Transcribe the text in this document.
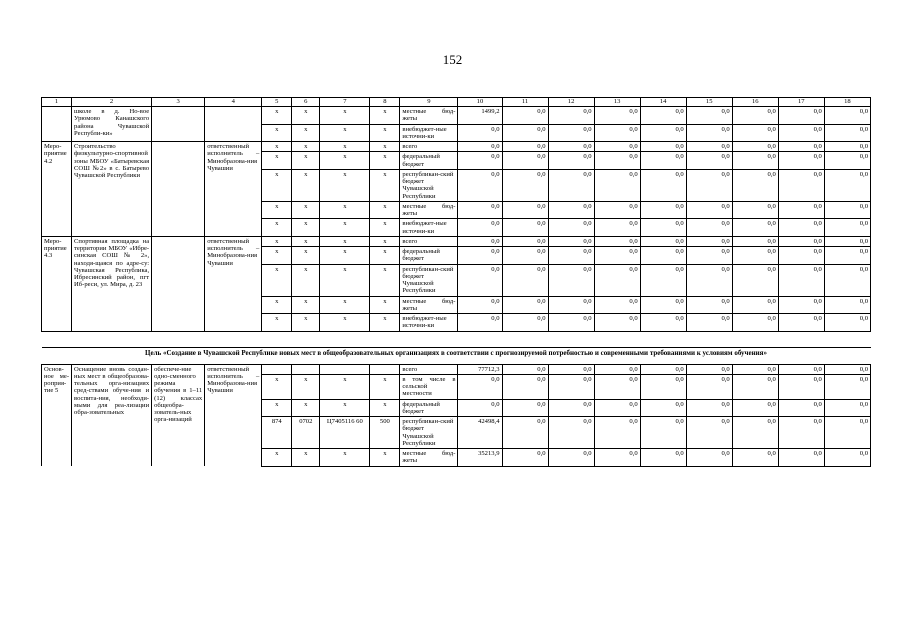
152
1	2	3	4	5	6	7	8	9	10	11	12	13	14	15	16	17	18
	школе в д. Но-вое Урюмово Канашского района Чувашской Республи-ки»			х	х	х	х	местные бюд-жеты	1499,2	0,0	0,0	0,0	0,0	0,0	0,0	0,0	0,0
				х	х	х	х	внебюджет-ные источни-ки	0,0	0,0	0,0	0,0	0,0	0,0	0,0	0,0	0,0
Меро-приятие 4.2	Строительство физкультурно-спортивной зоны МБОУ «Батыревская СОШ №2» в с. Батырево Чувашской Республики		ответственный исполнитель – Минобразова-ния Чувашии	х	х	х	х	всего	0,0	0,0	0,0	0,0	0,0	0,0	0,0	0,0	0,0
				х	х	х	х	федеральный бюджет	0,0	0,0	0,0	0,0	0,0	0,0	0,0	0,0	0,0
				х	х	х	х	республикан-ский бюджет Чувашской Республики	0,0	0,0	0,0	0,0	0,0	0,0	0,0	0,0	0,0
				х	х	х	х	местные бюд-жеты	0,0	0,0	0,0	0,0	0,0	0,0	0,0	0,0	0,0
				х	х	х	х	внебюджет-ные источни-ки	0,0	0,0	0,0	0,0	0,0	0,0	0,0	0,0	0,0
Меро-приятие 4.3	Спортивная площадка на территории МБОУ «Ибре-синская СОШ № 2», находя-щаяся по адре-су: Чувашская Республика, Ибресинский район, пгт Иб-реси, ул. Мира, д. 23		ответственный исполнитель – Минобразова-ния Чувашии	х	х	х	х	всего	0,0	0,0	0,0	0,0	0,0	0,0	0,0	0,0	0,0
				х	х	х	х	федеральный бюджет	0,0	0,0	0,0	0,0	0,0	0,0	0,0	0,0	0,0
				х	х	х	х	республикан-ский бюджет Чувашской Республики	0,0	0,0	0,0	0,0	0,0	0,0	0,0	0,0	0,0
				х	х	х	х	местные бюд-жеты	0,0	0,0	0,0	0,0	0,0	0,0	0,0	0,0	0,0
				х	х	х	х	внебюджет-ные источни-ки	0,0	0,0	0,0	0,0	0,0	0,0	0,0	0,0	0,0

Цель «Создание в Чувашской Республике новых мест в общеобразовательных организациях в соответствии с прогнозируемой потребностью и современными требованиями к условиям обучения»																	
Основ-ное ме-роприя-тие 5	Оснащение вновь создан-ных мест в общеобразова-тельных орга-низациях сред-ствами обуче-ния и воспита-ния, необходи-мыми для реа-лизации обра-зовательных	обеспече-ние одно-сменного режима обучения в 1–11 (12) классах общеобра-зователь-ных орга-низаций	ответственный исполнитель – Минобразова-ния Чувашии					всего	77712,3	0,0	0,0	0,0	0,0	0,0	0,0	0,0	0,0
				х	х	х	х	в том числе в сельской местности	0,0	0,0	0,0	0,0	0,0	0,0	0,0	0,0	0,0
				х	х	х	х	федеральный бюджет	0,0	0,0	0,0	0,0	0,0	0,0	0,0	0,0	0,0
				874	0702	Ц7405116 60	500	республикан-ский бюджет Чувашской Республики	42498,4	0,0	0,0	0,0	0,0	0,0	0,0	0,0	0,0
				х	х	х	х	местные бюд-жеты	35213,9	0,0	0,0	0,0	0,0	0,0	0,0	0,0	0,0
